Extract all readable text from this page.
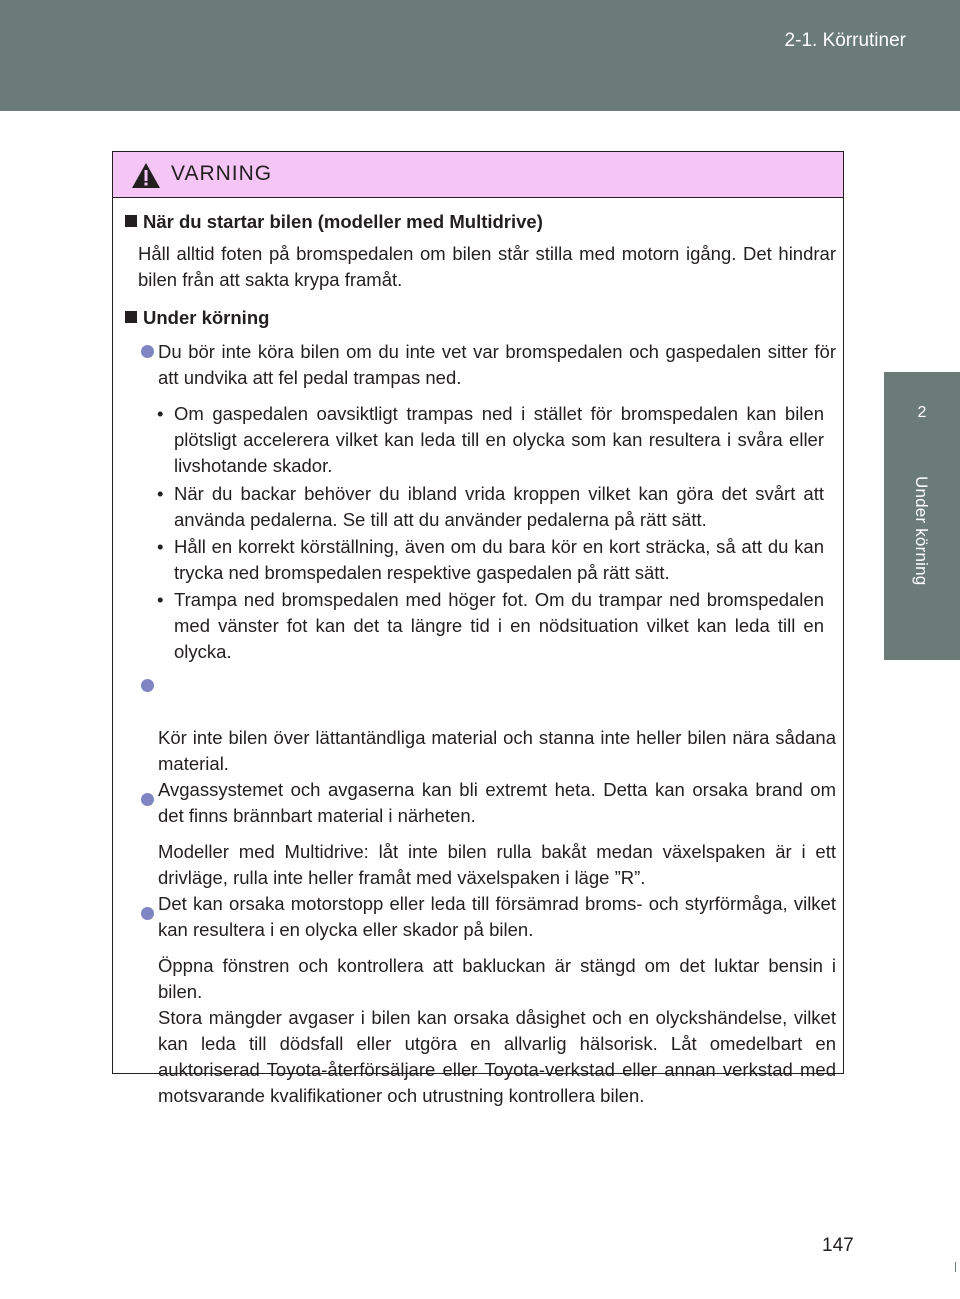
2-1. Körrutiner
2
Under körning
147
VARNING
När du startar bilen (modeller med Multidrive)
Håll alltid foten på bromspedalen om bilen står stilla med motorn igång. Det hindrar bilen från att sakta krypa framåt.
Under körning
Du bör inte köra bilen om du inte vet var bromspedalen och gaspedalen sitter för att undvika att fel pedal trampas ned.
• Om gaspedalen oavsiktligt trampas ned i stället för bromspedalen kan bilen plötsligt accelerera vilket kan leda till en olycka som kan resultera i svåra eller livshotande skador.
• När du backar behöver du ibland vrida kroppen vilket kan göra det svårt att använda pedalerna. Se till att du använder pedalerna på rätt sätt.
• Håll en korrekt körställning, även om du bara kör en kort sträcka, så att du kan trycka ned bromspedalen respektive gaspedalen på rätt sätt.
• Trampa ned bromspedalen med höger fot. Om du trampar ned bromspedalen med vänster fot kan det ta längre tid i en nödsituation vilket kan leda till en olycka.

Kör inte bilen över lättantändliga material och stanna inte heller bilen nära sådana material.
Avgassystemet och avgaserna kan bli extremt heta. Detta kan orsaka brand om det finns brännbart material i närheten.

Modeller med Multidrive: låt inte bilen rulla bakåt medan växelspaken är i ett drivläge, rulla inte heller framåt med växelspaken i läge ”R”.
Det kan orsaka motorstopp eller leda till försämrad broms- och styrförmåga, vilket kan resultera i en olycka eller skador på bilen.

Öppna fönstren och kontrollera att bakluckan är stängd om det luktar bensin i bilen.
Stora mängder avgaser i bilen kan orsaka dåsighet och en olyckshändelse, vilket kan leda till dödsfall eller utgöra en allvarlig hälsorisk. Låt omedelbart en auktoriserad Toyota-återförsäljare eller Toyota-verkstad eller annan verkstad med motsvarande kvalifikationer och utrustning kontrollera bilen.
